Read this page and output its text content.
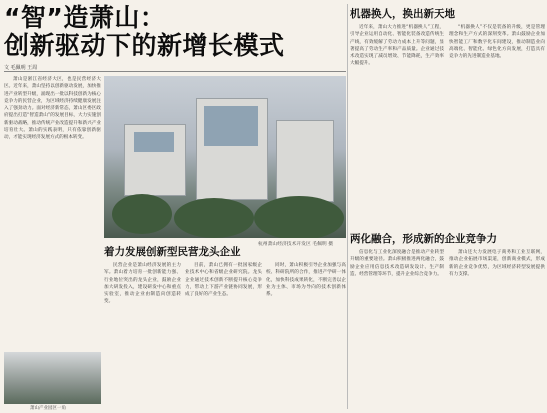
“智”造萧山：
创新驱动下的新增长模式
文 毛佩明 王周

萧山是浙江省经济大区，也是民营经济大区。近年来，萧山坚持以创新驱动发展，加快推进产业转型升级，涌现出一批以科技创新为核心竞争力的民营企业，为区域经济持续健康发展注入了强劲动力。面对经济新常态，萧山区委区政府提出打造“智造萧山”的发展目标，大力实施创新驱动战略，推动传统产业改造提升和新兴产业培育壮大。萧山的实践表明，只有依靠创新驱动，才能实现经济发展方式的根本转变。

萧山产业园区一角
杭州萧山经济技术开发区 毛佩明 摄
着力发展创新型民营龙头企业

民营企业是萧山经济发展的主力军。萧山着力培育一批创新能力强、行业地位突出的龙头企业，鼓励企业加大研发投入，建设研发中心和重点实验室，推动企业由制造向创造转变。

目前，萧山已拥有一批国家级企业技术中心和省级企业研究院。龙头企业通过技术创新不断提升核心竞争力，带动上下游产业链协同发展，形成了良好的产业生态。

同时，萧山积极引导企业加强与高校、科研院所的合作，推进产学研一体化，加快科技成果转化，不断完善以企业为主体、市场为导向的技术创新体系。

机器换人，换出新天地

近年来，萧山大力推进“机器换人”工程，引导企业运用自动化、智能化装备改造传统生产线，有效缓解了劳动力成本上升等问题，显著提高了劳动生产率和产品质量。企业通过技术改造实现了减员增效、节能降耗，生产效率大幅提升。

“机器换人”不仅是装备的升级，更是管理理念和生产方式的深刻变革。萧山鼓励企业加快智能工厂和数字化车间建设，推动制造业向高端化、智能化、绿色化方向发展，打造具有竞争力的先进制造业基地。

两化融合，形成新的企业竞争力

信息化与工业化深度融合是推动产业转型升级的重要途径。萧山积极推进两化融合，鼓励企业应用信息技术改造研发设计、生产制造、经营管理等环节，提升企业综合竞争力。

萧山还大力发展电子商务和工业互联网，推动企业拓展市场渠道，创新商业模式，形成新的企业竞争优势，为区域经济转型发展提供有力支撑。
